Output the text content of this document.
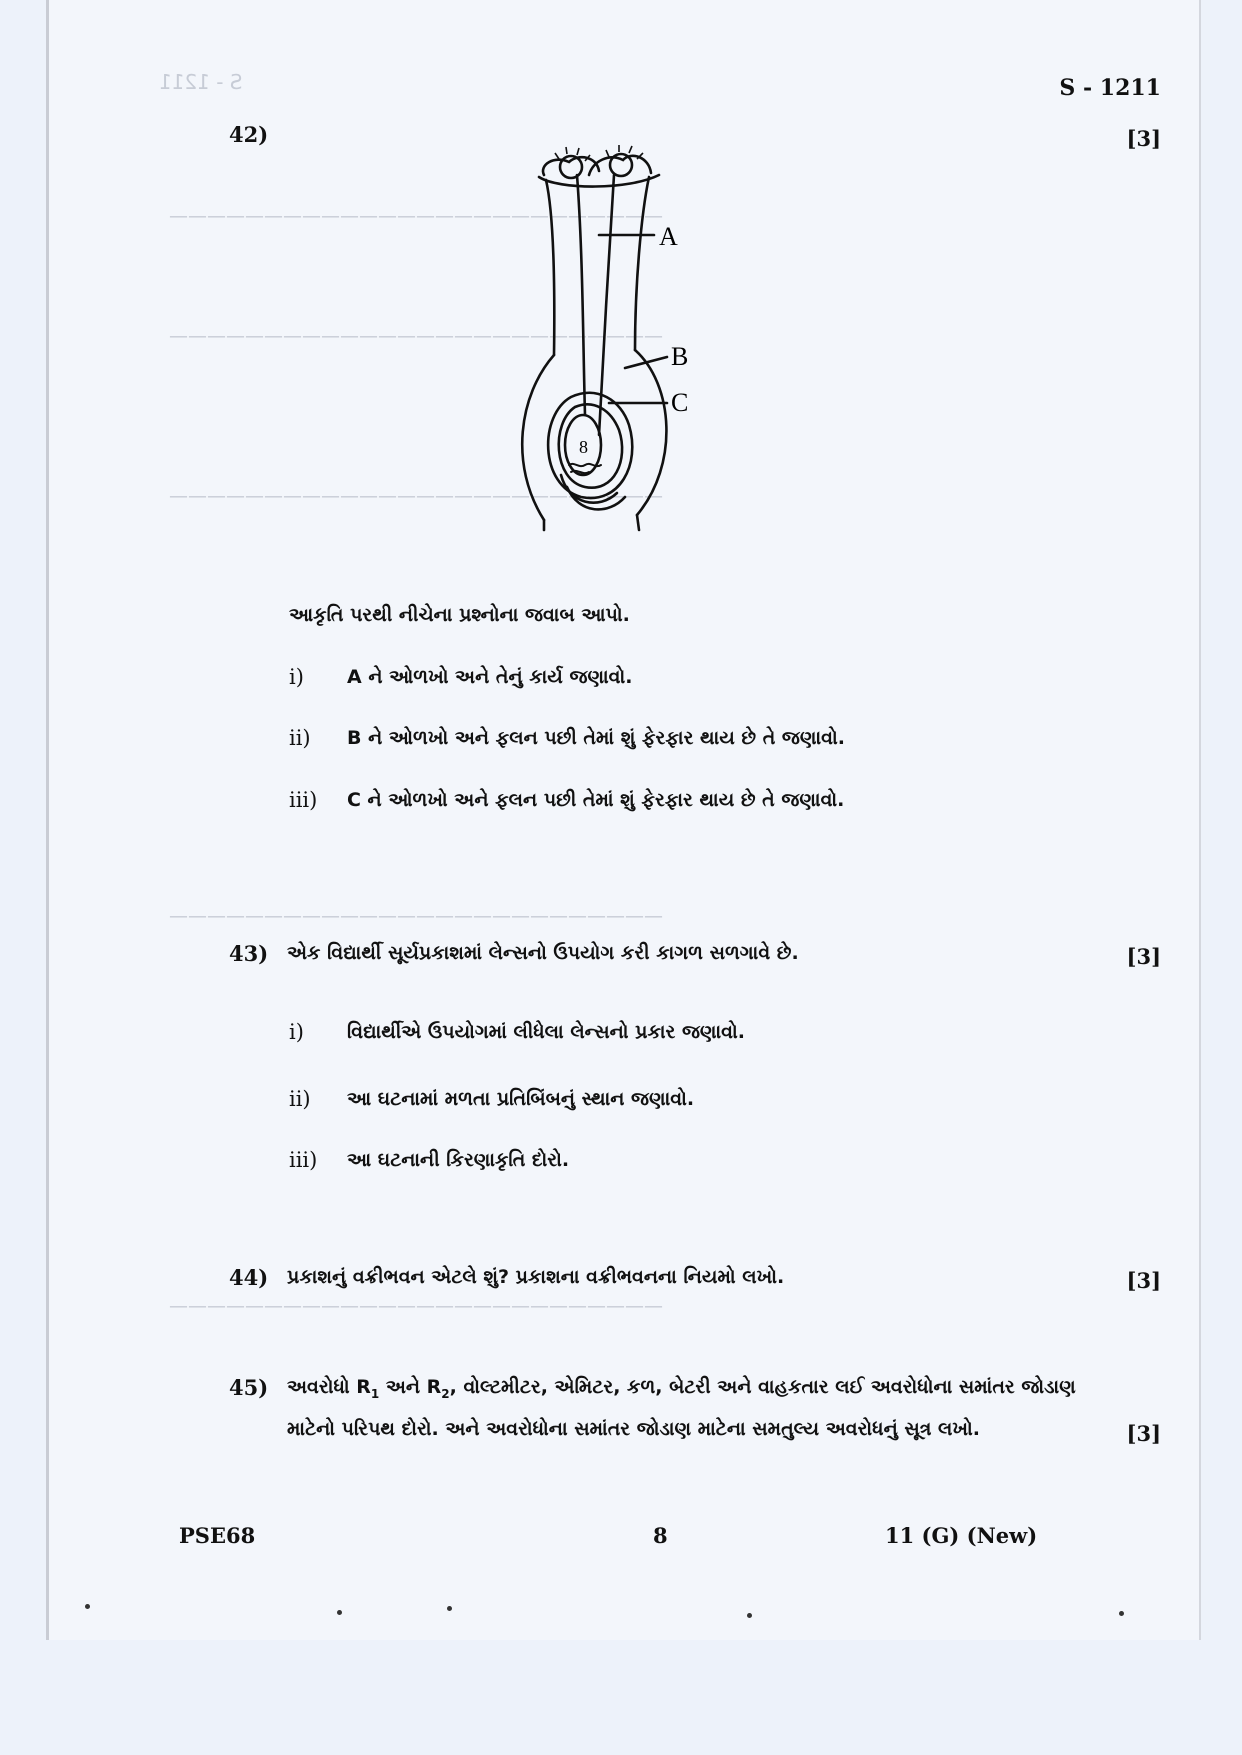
S - 1211
——————————————————————————
——————————————————————————
——————————————————————————
——————————————————————————
——————————————————————————
S - 1211
42)	[3]
8
A
B
C
આકૃતિ પરથી નીચેના પ્રશ્નોના જવાબ આપો.
i) A ને ઓળખો અને તેનું કાર્ય જણાવો.
ii) B ને ઓળખો અને ફલન પછી તેમાં શું ફેરફાર થાય છે તે જણાવો.
iii) C ને ઓળખો અને ફલન પછી તેમાં શું ફેરફાર થાય છે તે જણાવો.
43) એક વિદ્યાર્થી સૂર્યપ્રકાશમાં લેન્સનો ઉપયોગ કરી કાગળ સળગાવે છે.	[3]
i) વિદ્યાર્થીએ ઉપયોગમાં લીધેલા લેન્સનો પ્રકાર જણાવો.
ii) આ ઘટનામાં મળતા પ્રતિબિંબનું સ્થાન જણાવો.
iii) આ ઘટનાની કિરણાકૃતિ દોરો.
44) પ્રકાશનું વક્રીભવન એટલે શું? પ્રકાશના વક્રીભવનના નિયમો લખો.	[3]
45) અવરોધો $R_1$ અને $R_2$, વોલ્ટમીટર, એમિટર, કળ, બેટરી અને વાહકતાર લઈ અવરોધોના સમાંતર જોડાણ
માટેનો પરિપથ દોરો. અને અવરોધોના સમાંતર જોડાણ માટેના સમતુલ્ય અવરોધનું સૂત્ર લખો.	[3]
PSE68	8	11 (G) (New)
